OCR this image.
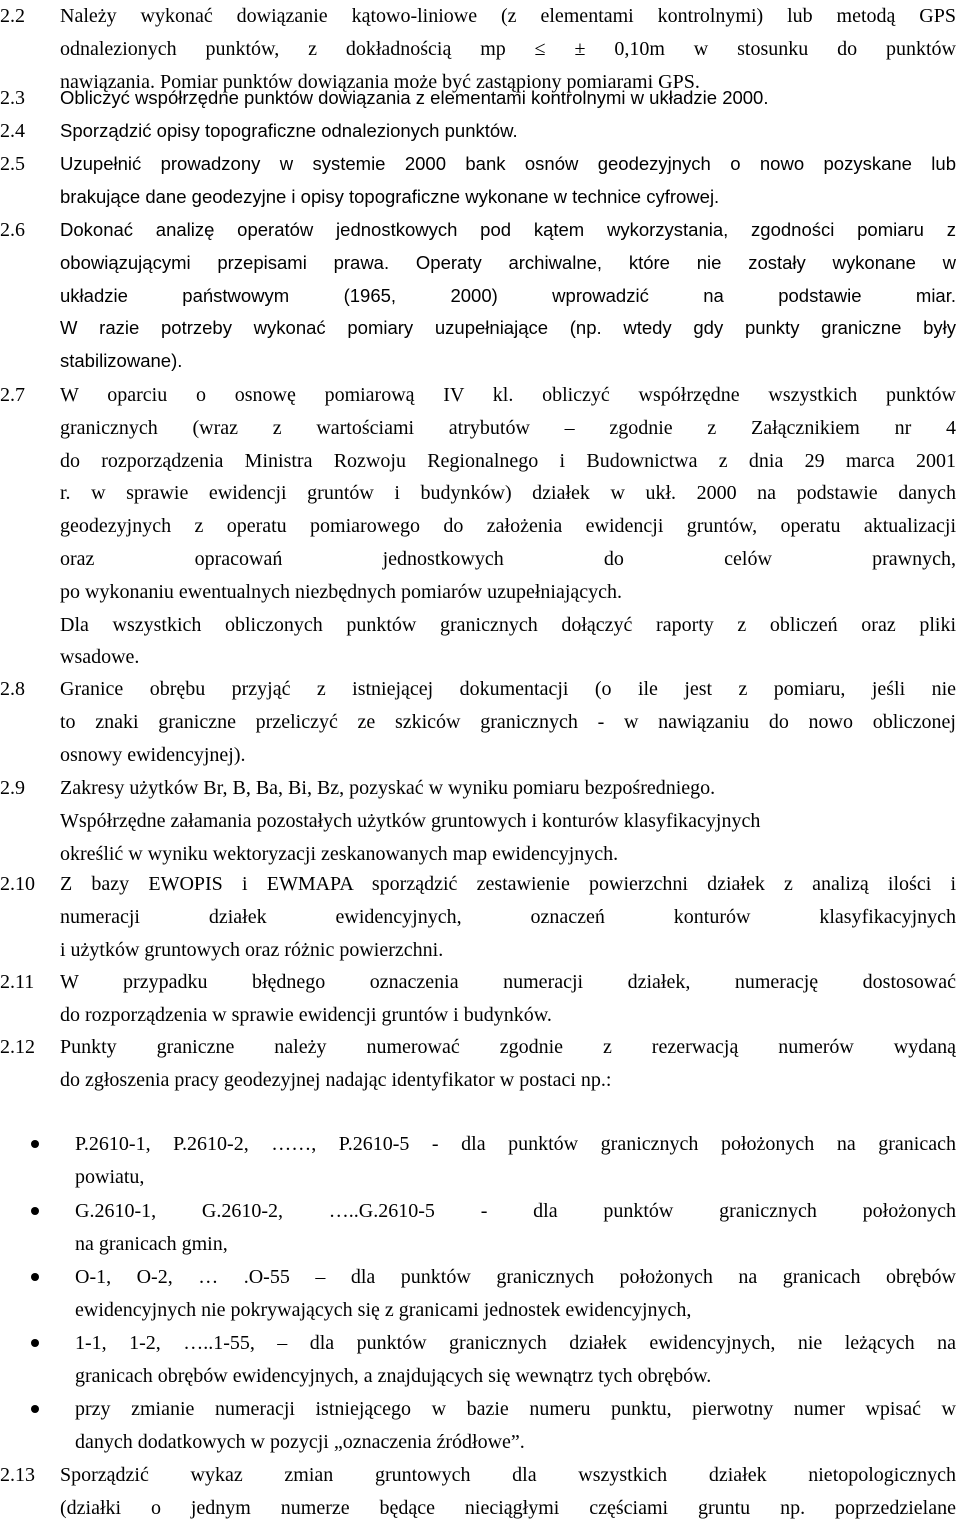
2.2	Należy wykonać dowiązanie kątowo-liniowe (z elementami kontrolnymi) lub metodą GPS
odnalezionych punktów, z dokładnością mp ≤ ± 0,10m w stosunku do punktów
nawiązania. Pomiar punktów dowiązania może być zastąpiony pomiarami GPS.
2.3	Obliczyć współrzędne punktów dowiązania z elementami kontrolnymi w układzie 2000.
2.4	Sporządzić opisy topograficzne odnalezionych punktów.
2.5	Uzupełnić prowadzony w systemie 2000 bank osnów geodezyjnych o nowo pozyskane lub
brakujące dane geodezyjne i opisy topograficzne wykonane w technice cyfrowej.
2.6	Dokonać analizę operatów jednostkowych pod kątem wykorzystania, zgodności pomiaru z
obowiązującymi przepisami prawa. Operaty archiwalne, które nie zostały wykonane w
układzie państwowym (1965, 2000) wprowadzić na podstawie miar.
W razie potrzeby wykonać pomiary uzupełniające (np. wtedy gdy punkty graniczne były
stabilizowane).
2.7	W oparciu o osnowę pomiarową IV kl. obliczyć współrzędne wszystkich punktów
granicznych (wraz z wartościami atrybutów – zgodnie z Załącznikiem nr 4
do rozporządzenia Ministra Rozwoju Regionalnego i Budownictwa z dnia 29 marca 2001
r. w sprawie ewidencji gruntów i budynków) działek w ukł. 2000 na podstawie danych
geodezyjnych z operatu pomiarowego do założenia ewidencji gruntów, operatu aktualizacji
oraz opracowań jednostkowych do celów prawnych,
po wykonaniu ewentualnych niezbędnych pomiarów uzupełniających.
Dla wszystkich obliczonych punktów granicznych dołączyć raporty z obliczeń oraz pliki
wsadowe.
2.8	Granice obrębu przyjąć z istniejącej dokumentacji (o ile jest z pomiaru, jeśli nie
to znaki graniczne przeliczyć ze szkiców granicznych - w nawiązaniu do nowo obliczonej
osnowy ewidencyjnej).
2.9	Zakresy użytków Br, B, Ba, Bi, Bz, pozyskać w wyniku pomiaru bezpośredniego.
Współrzędne załamania pozostałych użytków gruntowych i konturów klasyfikacyjnych
określić w wyniku wektoryzacji zeskanowanych map ewidencyjnych.
2.10	Z bazy EWOPIS i EWMAPA sporządzić zestawienie powierzchni działek z analizą ilości i
numeracji działek ewidencyjnych, oznaczeń konturów klasyfikacyjnych
i użytków gruntowych oraz różnic powierzchni.
2.11	W przypadku błędnego oznaczenia numeracji działek, numerację dostosować
do rozporządzenia w sprawie ewidencji gruntów i budynków.
2.12	Punkty graniczne należy numerować zgodnie z rezerwacją numerów wydaną
do zgłoszenia pracy geodezyjnej nadając identyfikator w postaci np.:
P.2610-1, P.2610-2, ……, P.2610-5 - dla punktów granicznych położonych na granicach
powiatu,
G.2610-1, G.2610-2, …..G.2610-5 - dla punktów granicznych położonych
na granicach gmin,
O-1, O-2, … .O-55 – dla punktów granicznych położonych na granicach obrębów
ewidencyjnych nie pokrywających się z granicami jednostek ewidencyjnych,
1-1, 1-2, …..1-55, – dla punktów granicznych działek ewidencyjnych, nie leżących na
granicach obrębów ewidencyjnych, a znajdujących się wewnątrz tych obrębów.
przy zmianie numeracji istniejącego w bazie numeru punktu, pierwotny numer wpisać w
danych dodatkowych w pozycji „oznaczenia źródłowe”.
2.13	Sporządzić wykaz zmian gruntowych dla wszystkich działek nietopologicznych
(działki o jednym numerze będące nieciągłymi częściami gruntu np. poprzedzielane
